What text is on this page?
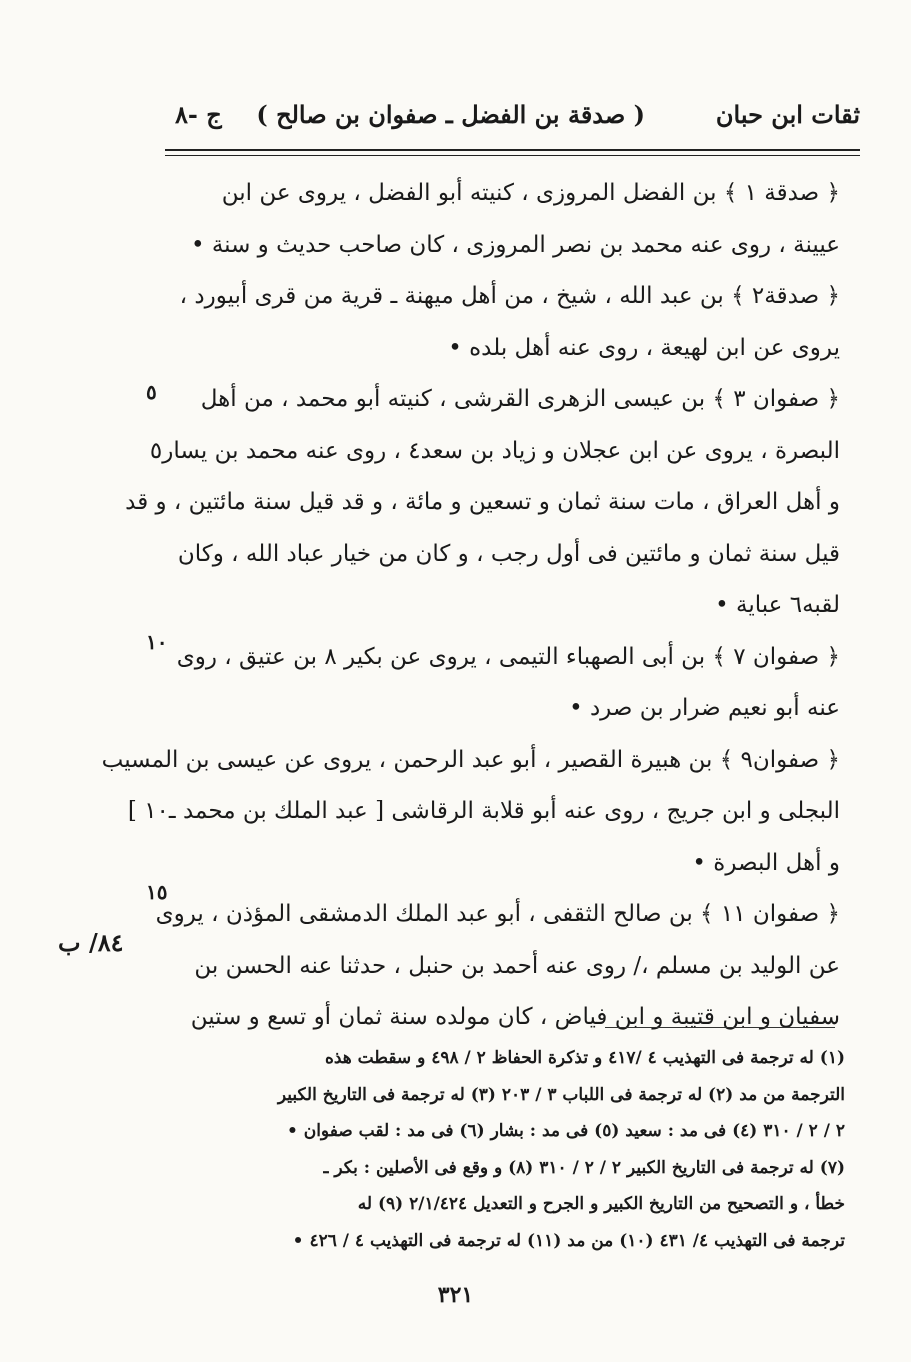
ثقات ابن حبان
( صدقة بن الفضل ـ صفوان بن صالح )
ج -٨
﴿ صدقة ١ ﴾ بن الفضل المروزى ، كنيته أبو الفضل ، يروى عن ابن
عيينة ، روى عنه محمد بن نصر المروزى ، كان صاحب حديث و سنة •
﴿ صدقة٢ ﴾ بن عبد الله ، شيخ ، من أهل ميهنة ـ قرية من قرى أبيورد ،
يروى عن ابن لهيعة ، روى عنه أهل بلده •
﴿ صفوان ٣ ﴾ بن عيسى الزهرى القرشى ، كنيته أبو محمد ، من أهل
البصرة ، يروى عن ابن عجلان و زياد بن سعد٤ ، روى عنه محمد بن يسار٥
و أهل العراق ، مات سنة ثمان و تسعين و مائة ، و قد قيل سنة مائتين ، و قد
قيل سنة ثمان و مائتين فى أول رجب ، و كان من خيار عباد الله ، وكان
لقبه٦ عباية •
﴿ صفوان ٧ ﴾ بن أبى الصهباء التيمى ، يروى عن بكير ٨ بن عتيق ، روى
عنه أبو نعيم ضرار بن صرد •
﴿ صفوان٩ ﴾ بن هبيرة القصير ، أبو عبد الرحمن ، يروى عن عيسى بن المسيب
البجلى و ابن جريج ، روى عنه أبو قلابة الرقاشى [ عبد الملك بن محمد ـ١٠ ]
و أهل البصرة •
﴿ صفوان ١١ ﴾ بن صالح الثقفى ، أبو عبد الملك الدمشقى المؤذن ، يروى
عن الوليد بن مسلم ،/ روى عنه أحمد بن حنبل ، حدثنا عنه الحسن بن
سفيان و ابن قتيبة و ابن فياض ، كان مولده سنة ثمان أو تسع و ستين
٥
١٠
١٥
٨٤/ ب
(١) له ترجمة فى التهذيب ٤ /٤١٧ و تذكرة الحفاظ ٢ / ٤٩٨ و سقطت هذه
الترجمة من مد (٢) له ترجمة فى اللباب ٣ / ٢٠٣ (٣) له ترجمة فى التاريخ الكبير
٢ / ٢ / ٣١٠ (٤) فى مد : سعيد (٥) فى مد : بشار (٦) فى مد : لقب صفوان •
(٧) له ترجمة فى التاريخ الكبير ٢ / ٢ / ٣١٠ (٨) و وقع فى الأصلين : بكر ـ
خطأ ، و التصحيح من التاريخ الكبير و الجرح و التعديل ٢/١/٤٢٤ (٩) له
ترجمة فى التهذيب ٤/ ٤٣١ (١٠) من مد (١١) له ترجمة فى التهذيب ٤ / ٤٢٦ •
٣٢١
